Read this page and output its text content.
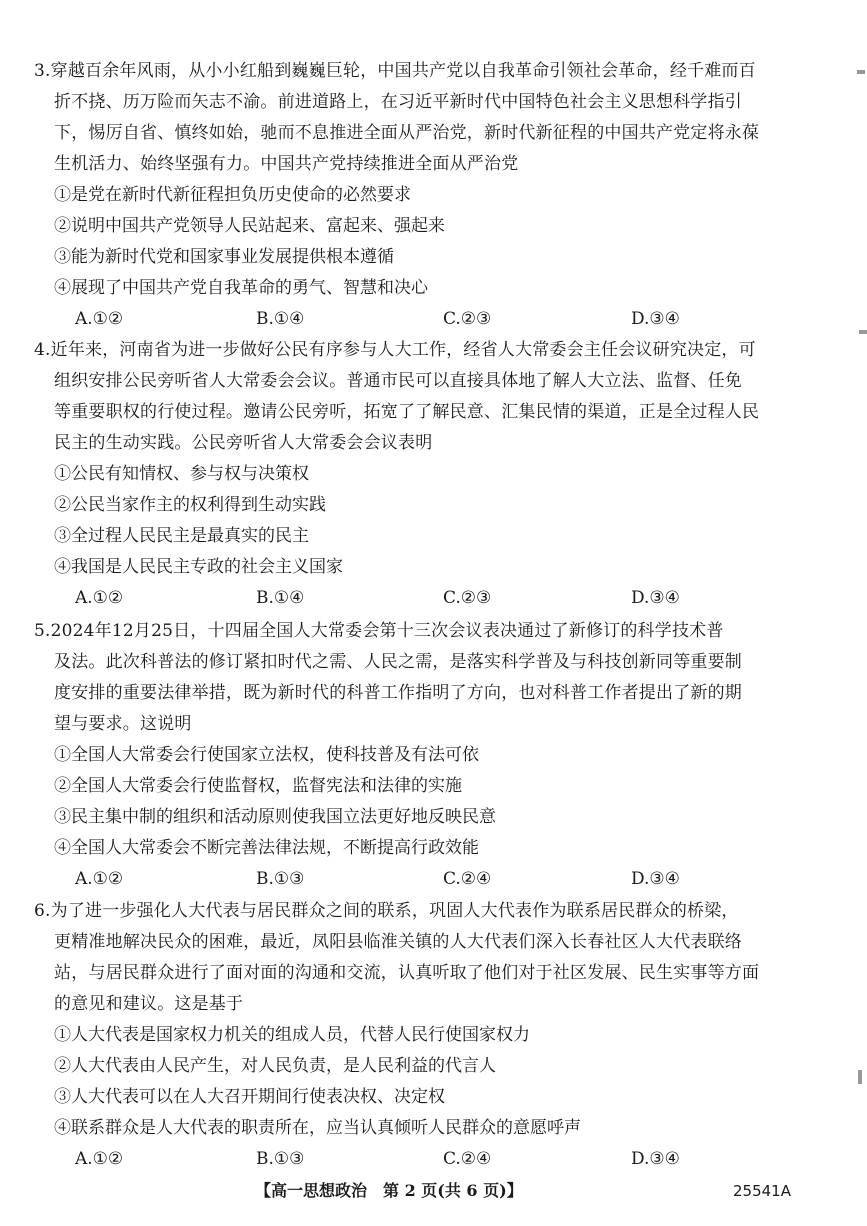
3.穿越百余年风雨，从小小红船到巍巍巨轮，中国共产党以自我革命引领社会革命，经千难而百
折不挠、历万险而矢志不渝。前进道路上，在习近平新时代中国特色社会主义思想科学指引
下，惕厉自省、慎终如始，驰而不息推进全面从严治党，新时代新征程的中国共产党定将永葆
生机活力、始终坚强有力。中国共产党持续推进全面从严治党
①是党在新时代新征程担负历史使命的必然要求
②说明中国共产党领导人民站起来、富起来、强起来
③能为新时代党和国家事业发展提供根本遵循
④展现了中国共产党自我革命的勇气、智慧和决心
A.①②	B.①④	C.②③	D.③④
4.近年来，河南省为进一步做好公民有序参与人大工作，经省人大常委会主任会议研究决定，可
组织安排公民旁听省人大常委会会议。普通市民可以直接具体地了解人大立法、监督、任免
等重要职权的行使过程。邀请公民旁听，拓宽了了解民意、汇集民情的渠道，正是全过程人民
民主的生动实践。公民旁听省人大常委会会议表明
①公民有知情权、参与权与决策权
②公民当家作主的权利得到生动实践
③全过程人民民主是最真实的民主
④我国是人民民主专政的社会主义国家
A.①②	B.①④	C.②③	D.③④
5.2024年12月25日，十四届全国人大常委会第十三次会议表决通过了新修订的科学技术普
及法。此次科普法的修订紧扣时代之需、人民之需，是落实科学普及与科技创新同等重要制
度安排的重要法律举措，既为新时代的科普工作指明了方向，也对科普工作者提出了新的期
望与要求。这说明
①全国人大常委会行使国家立法权，使科技普及有法可依
②全国人大常委会行使监督权，监督宪法和法律的实施
③民主集中制的组织和活动原则使我国立法更好地反映民意
④全国人大常委会不断完善法律法规，不断提高行政效能
A.①②	B.①③	C.②④	D.③④
6.为了进一步强化人大代表与居民群众之间的联系，巩固人大代表作为联系居民群众的桥梁，
更精准地解决民众的困难，最近，凤阳县临淮关镇的人大代表们深入长春社区人大代表联络
站，与居民群众进行了面对面的沟通和交流，认真听取了他们对于社区发展、民生实事等方面
的意见和建议。这是基于
①人大代表是国家权力机关的组成人员，代替人民行使国家权力
②人大代表由人民产生，对人民负责，是人民利益的代言人
③人大代表可以在人大召开期间行使表决权、决定权
④联系群众是人大代表的职责所在，应当认真倾听人民群众的意愿呼声
A.①②	B.①③	C.②④	D.③④
【高一思想政治　第 2 页(共 6 页)】	25541A
